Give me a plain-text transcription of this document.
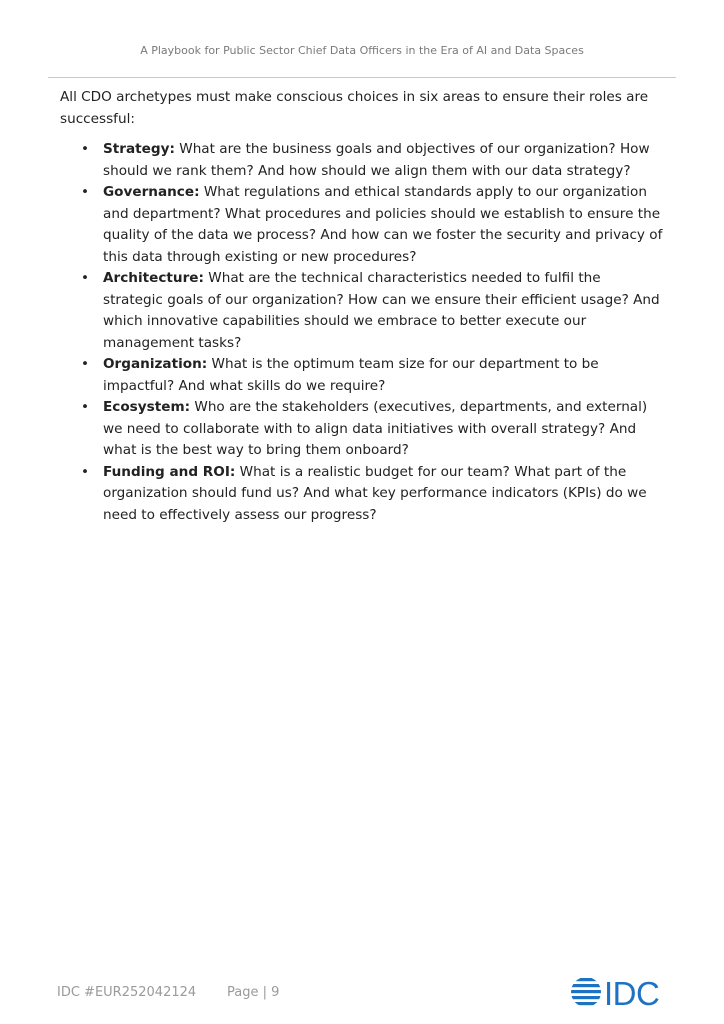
A Playbook for Public Sector Chief Data Officers in the Era of AI and Data Spaces

All CDO archetypes must make conscious choices in six areas to ensure their roles are successful:

• Strategy: What are the business goals and objectives of our organization? How should we rank them? And how should we align them with our data strategy?
• Governance: What regulations and ethical standards apply to our organization and department? What procedures and policies should we establish to ensure the quality of the data we process? And how can we foster the security and privacy of this data through existing or new procedures?
• Architecture: What are the technical characteristics needed to fulfil the strategic goals of our organization? How can we ensure their efficient usage? And which innovative capabilities should we embrace to better execute our management tasks?
• Organization: What is the optimum team size for our department to be impactful? And what skills do we require?
• Ecosystem: Who are the stakeholders (executives, departments, and external) we need to collaborate with to align data initiatives with overall strategy? And what is the best way to bring them onboard?
• Funding and ROI: What is a realistic budget for our team? What part of the organization should fund us? And what key performance indicators (KPIs) do we need to effectively assess our progress?
IDC #EUR252042124 Page | 9	IDC
